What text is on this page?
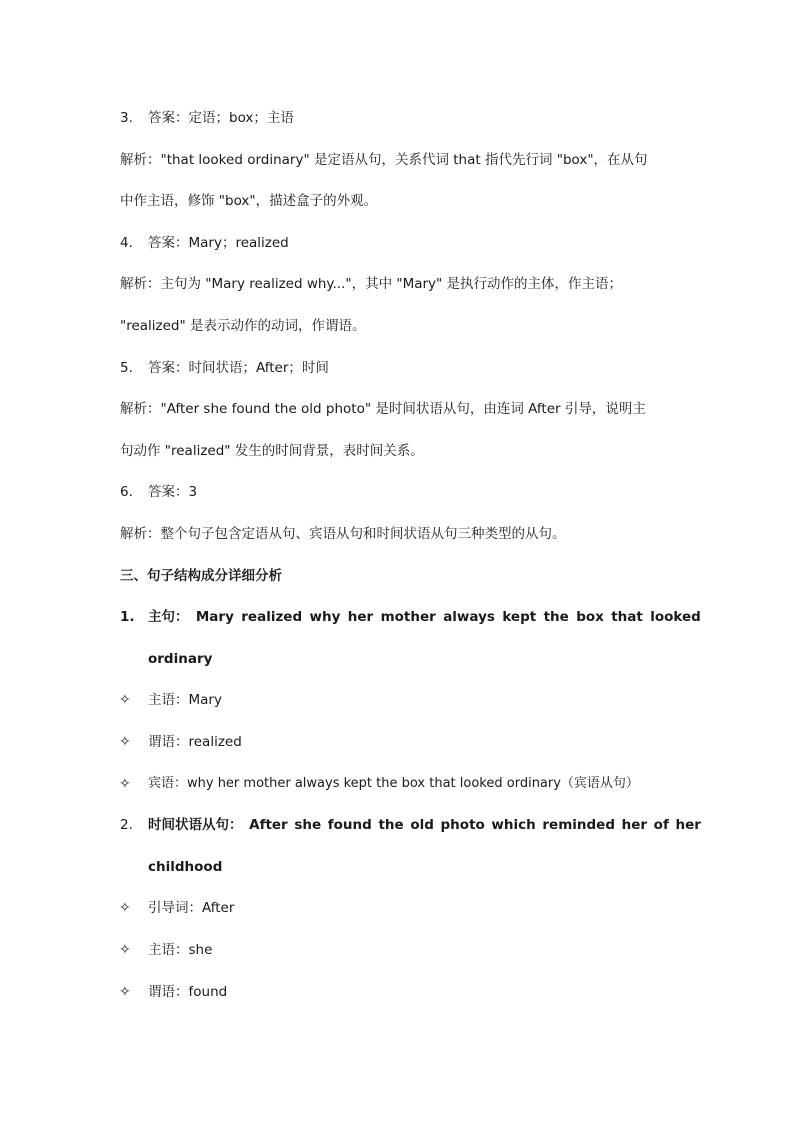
3. 答案：定语；box；主语
解析："that looked ordinary" 是定语从句，关系代词 that 指代先行词 "box"，在从句
中作主语，修饰 "box"，描述盒子的外观。
4. 答案：Mary；realized
解析：主句为 "Mary realized why..."，其中 "Mary" 是执行动作的主体，作主语；
"realized" 是表示动作的动词，作谓语。
5. 答案：时间状语；After；时间
解析："After she found the old photo" 是时间状语从句，由连词 After 引导，说明主
句动作 "realized" 发生的时间背景，表时间关系。
6. 答案：3
解析：整个句子包含定语从句、宾语从句和时间状语从句三种类型的从句。
三、句子结构成分详细分析
1. 主句： Mary realized why her mother always kept the box that looked
ordinary
✧ 主语：Mary
✧ 谓语：realized
✧ 宾语：why her mother always kept the box that looked ordinary（宾语从句）
2.	时间状语从句： After she found the old photo which reminded her of her
childhood
✧ 引导词：After
✧ 主语：she
✧ 谓语：found
